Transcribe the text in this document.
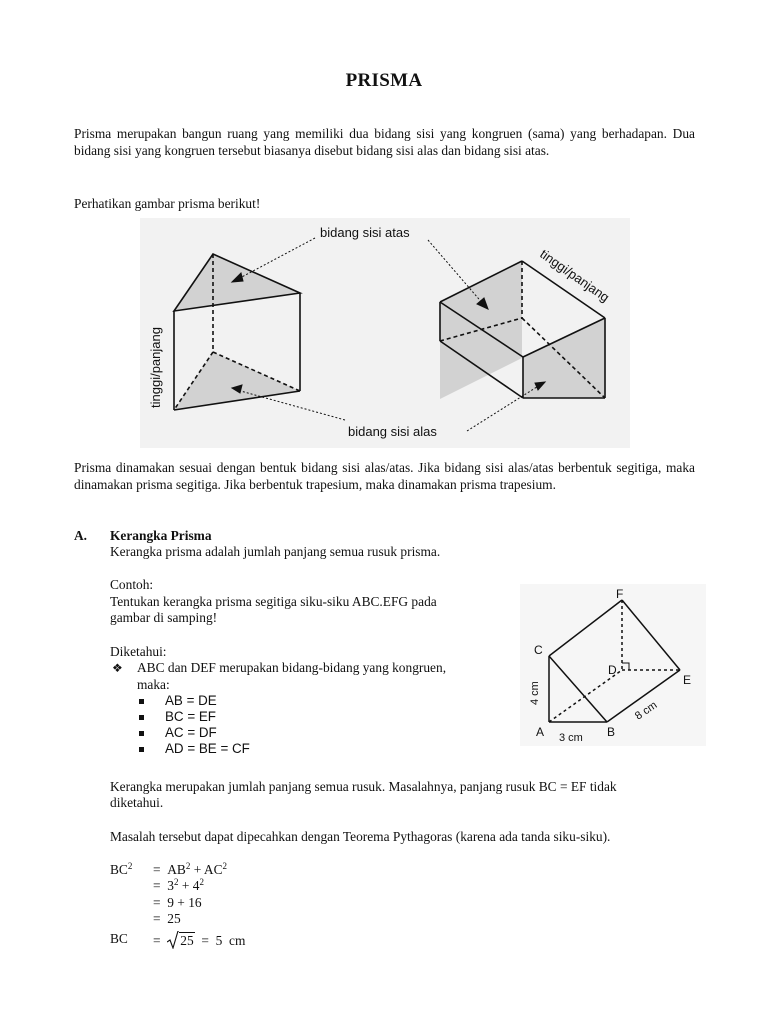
PRISMA

Prisma merupakan bangun ruang yang memiliki dua bidang sisi yang kongruen (sama) yang berhadapan. Dua bidang sisi yang kongruen tersebut biasanya disebut bidang sisi alas dan bidang sisi atas.

Perhatikan gambar prisma berikut!
bidang sisi atas
bidang sisi alas
tinggi/panjang
tinggi/panjang

Prisma dinamakan sesuai dengan bentuk bidang sisi alas/atas. Jika bidang sisi alas/atas berbentuk segitiga, maka dinamakan prisma segitiga. Jika berbentuk trapesium, maka dinamakan prisma trapesium.

A. Kerangka Prisma
Kerangka prisma adalah jumlah panjang semua rusuk prisma.
Contoh:
Tentukan kerangka prisma segitiga siku-siku ABC.EFG pada
gambar di samping!
Diketahui:
❖ ABC dan DEF merupakan bidang-bidang yang kongruen,
maka:
AB = DE
BC = EF
AC = DF
AD = BE = CF
A	B
C
D
E
F
4 cm
3 cm
8 cm
Kerangka merupakan jumlah panjang semua rusuk. Masalahnya, panjang rusuk BC = EF tidak
diketahui.
Masalah tersebut dapat dipecahkan dengan Teorema Pythagoras (karena ada tanda siku-siku).
$BC^2 = AB^2 + AC^2$
= $3^2 + 4^2$
= 9 + 16
= 25
BC = 25 = 5  cm
